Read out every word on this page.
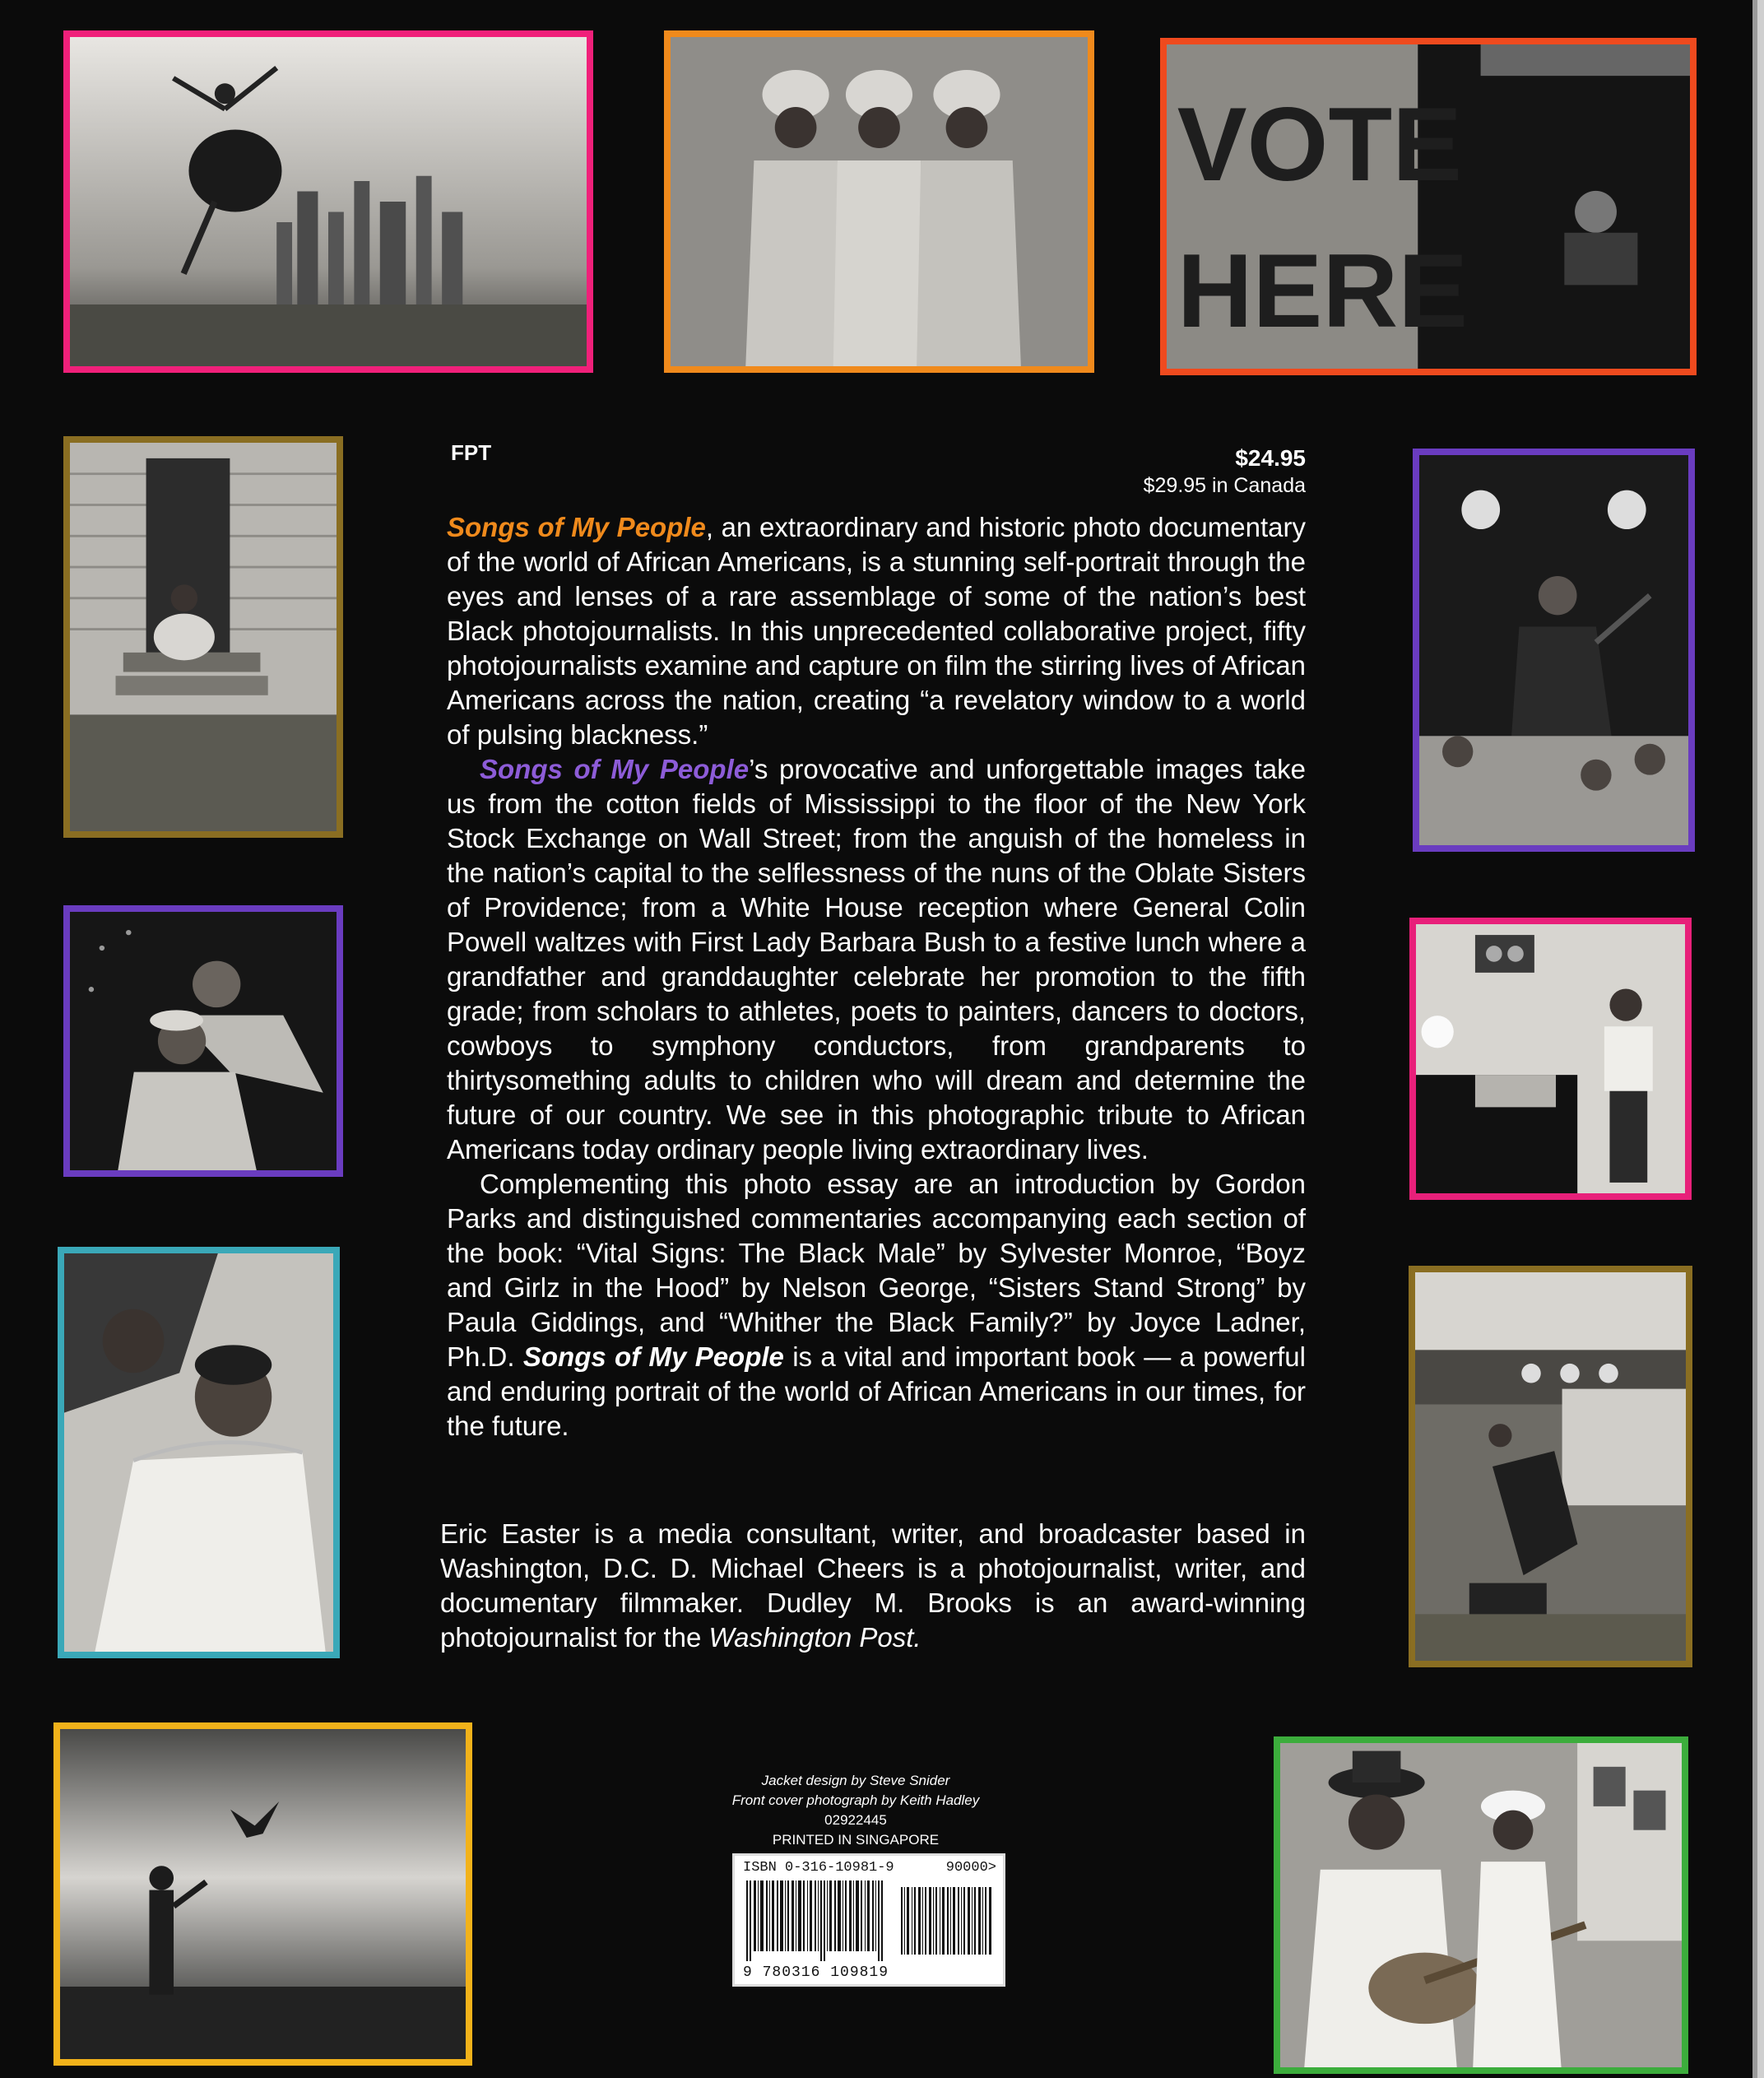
VOTE
HERE
FPT	$24.95
$29.95 in Canada

Songs of My People, an extraordinary and historic photo documentary of the world of African Americans, is a stunning self-portrait through the eyes and lenses of a rare assemblage of some of the nation’s best Black photojournalists. In this unprecedented collaborative project, fifty photojournalists examine and capture on film the stirring lives of African Americans across the nation, creating “a revelatory window to a world of pulsing blackness.”

Songs of My People’s provocative and unforgettable images take us from the cotton fields of Mississippi to the floor of the New York Stock Exchange on Wall Street; from the anguish of the homeless in the nation’s capital to the selflessness of the nuns of the Oblate Sisters of Providence; from a White House reception where General Colin Powell waltzes with First Lady Barbara Bush to a festive lunch where a grandfather and granddaughter celebrate her promotion to the fifth grade; from scholars to athletes, poets to painters, dancers to doctors, cowboys to symphony conductors, from grandparents to thirtysomething adults to children who will dream and determine the future of our country. We see in this photographic tribute to African Americans today ordinary people living extraordinary lives.

Complementing this photo essay are an introduction by Gordon Parks and distinguished commentaries accompanying each section of the book: “Vital Signs: The Black Male” by Sylvester Monroe, “Boyz and Girlz in the Hood” by Nelson George, “Sisters Stand Strong” by Paula Giddings, and “Whither the Black Family?” by Joyce Ladner, Ph.D. Songs of My People is a vital and important book — a powerful and enduring portrait of the world of African Americans in our times, for the future.

Eric Easter is a media consultant, writer, and broadcaster based in Washington, D.C. D. Michael Cheers is a photojournalist, writer, and documentary filmmaker. Dudley M. Brooks is an award-winning photojournalist for the Washington Post.
Jacket design by Steve Snider
Front cover photograph by Keith Hadley
02922445
PRINTED IN SINGAPORE
ISBN 0-316-10981-9	90000>
9 780316 109819
